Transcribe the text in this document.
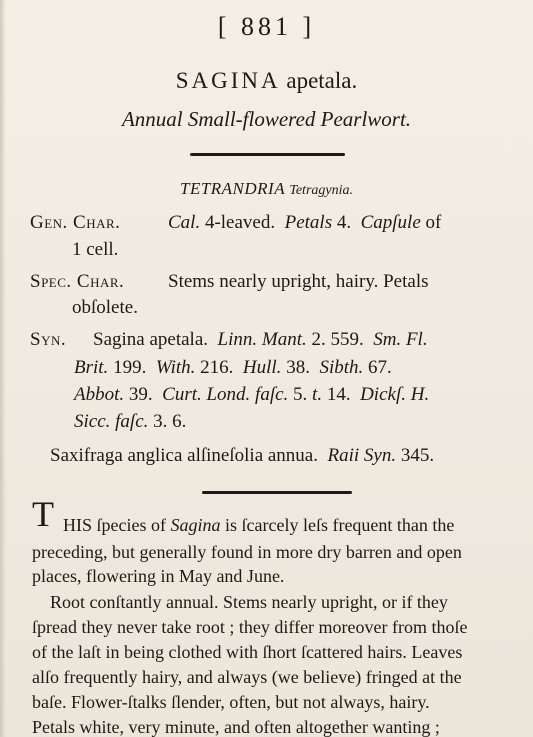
[ 881 ]

SAGINA apetala.

Annual Small-flowered Pearlwort.

TETRANDRIA Tetragynia.

Gen. Char.	Cal. 4-leaved.  Petals 4.  Capſule of

1 cell.

Spec. Char. Stems nearly upright, hairy. Petals

obſolete.

Syn. Sagina apetala.  Linn. Mant. 2. 559.  Sm. Fl.

Brit. 199.  With. 216.  Hull. 38.  Sibth. 67.

Abbot. 39.  Curt. Lond. faſc. 5. t. 14.  Dickſ. H.

Sicc. faſc. 3. 6.

Saxifraga anglica alſineſolia annua.  Raii Syn. 345.

T HIS ſpecies of Sagina is ſcarcely leſs frequent than the

preceding, but generally found in more dry barren and open

places, flowering in May and June.

Root conſtantly annual. Stems nearly upright, or if they

ſpread they never take root ; they differ moreover from thoſe

of the laſt in being clothed with ſhort ſcattered hairs. Leaves

alſo frequently hairy, and always (we believe) fringed at the

baſe. Flower-ſtalks ſlender, often, but not always, hairy.

Petals white, very minute, and often altogether wanting ;
